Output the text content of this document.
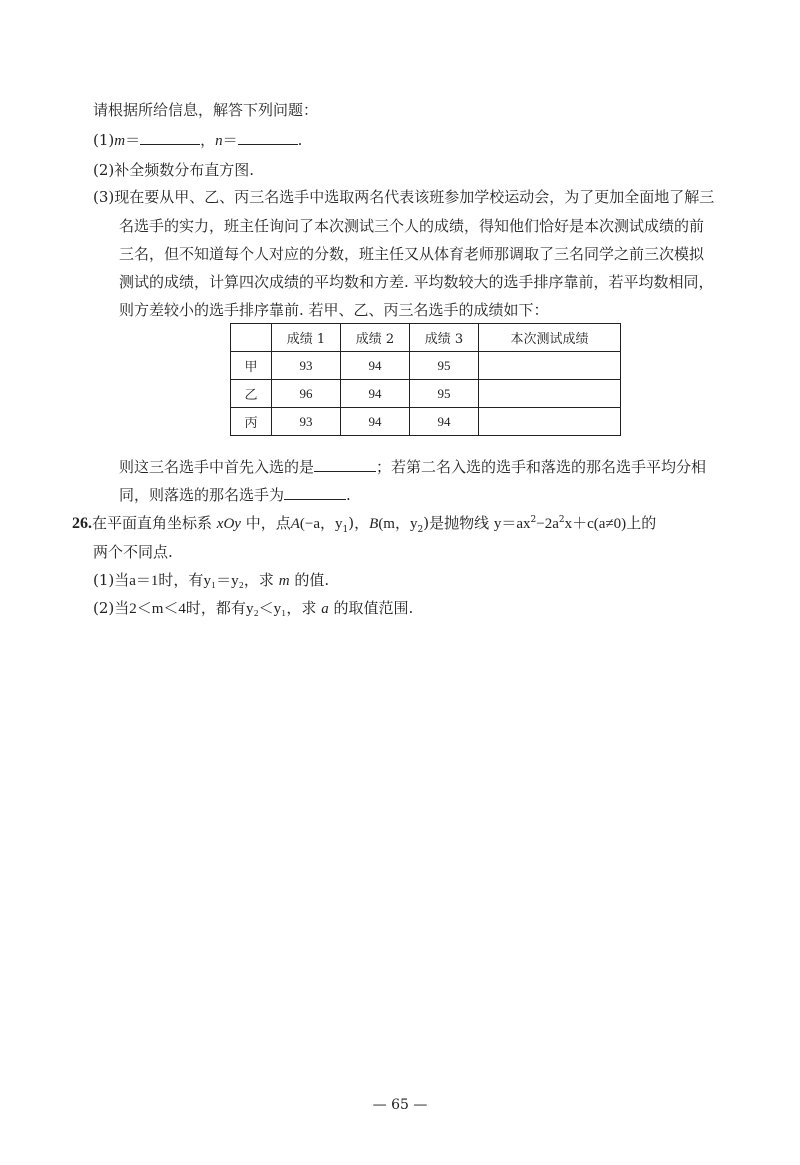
请根据所给信息，解答下列问题：
(1)m＝	，n＝	.
(2)补全频数分布直方图.
(3)现在要从甲、乙、丙三名选手中选取两名代表该班参加学校运动会，为了更加全面地了解三
名选手的实力，班主任询问了本次测试三个人的成绩，得知他们恰好是本次测试成绩的前
三名，但不知道每个人对应的分数，班主任又从体育老师那调取了三名同学之前三次模拟
测试的成绩，计算四次成绩的平均数和方差. 平均数较大的选手排序靠前，若平均数相同，
则方差较小的选手排序靠前. 若甲、乙、丙三名选手的成绩如下：
	成绩 1	成绩 2	成绩 3	本次测试成绩
甲	93	94	95	
乙	96	94	95	
丙	93	94	94	
则这三名选手中首先入选的是	；若第二名入选的选手和落选的那名选手平均分相
同，则落选的那名选手为	.
26.在平面直角坐标系 xOy 中，点A(−a，$y_1$)，B(m，$y_2$)是抛物线 $y=ax^2-2a^2x+c(a\ne 0)$上的
两个不同点.
(1)当a＝1时，有y₁＝y₂，求 m 的值.
(2)当2＜m＜4时，都有y₂＜y₁，求 a 的取值范围.
— 65 —
